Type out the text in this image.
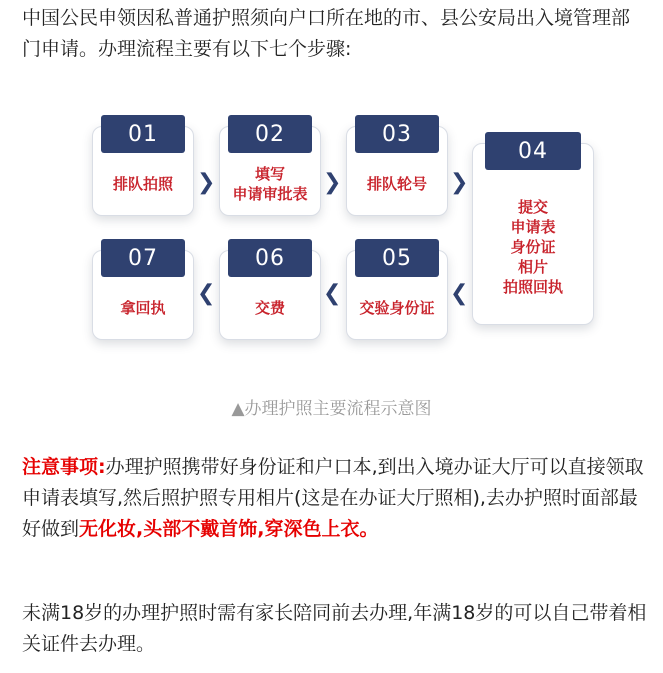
中国公民申领因私普通护照须向户口所在地的市、县公安局出入境管理部门申请。办理流程主要有以下七个步骤:

01
排队拍照	❯
02
填写
申请审批表 ❯
03
排队轮号	❯
04
提交
申请表
身份证
相片
拍照回执
07
拿回执
❮
06
交费
❮
05
交验身份证
❮
▲办理护照主要流程示意图

注意事项:办理护照携带好身份证和户口本,到出入境办证大厅可以直接领取申请表填写,然后照护照专用相片(这是在办证大厅照相),去办护照时面部最好做到无化妆,头部不戴首饰,穿深色上衣。

未满18岁的办理护照时需有家长陪同前去办理,年满18岁的可以自己带着相关证件去办理。
